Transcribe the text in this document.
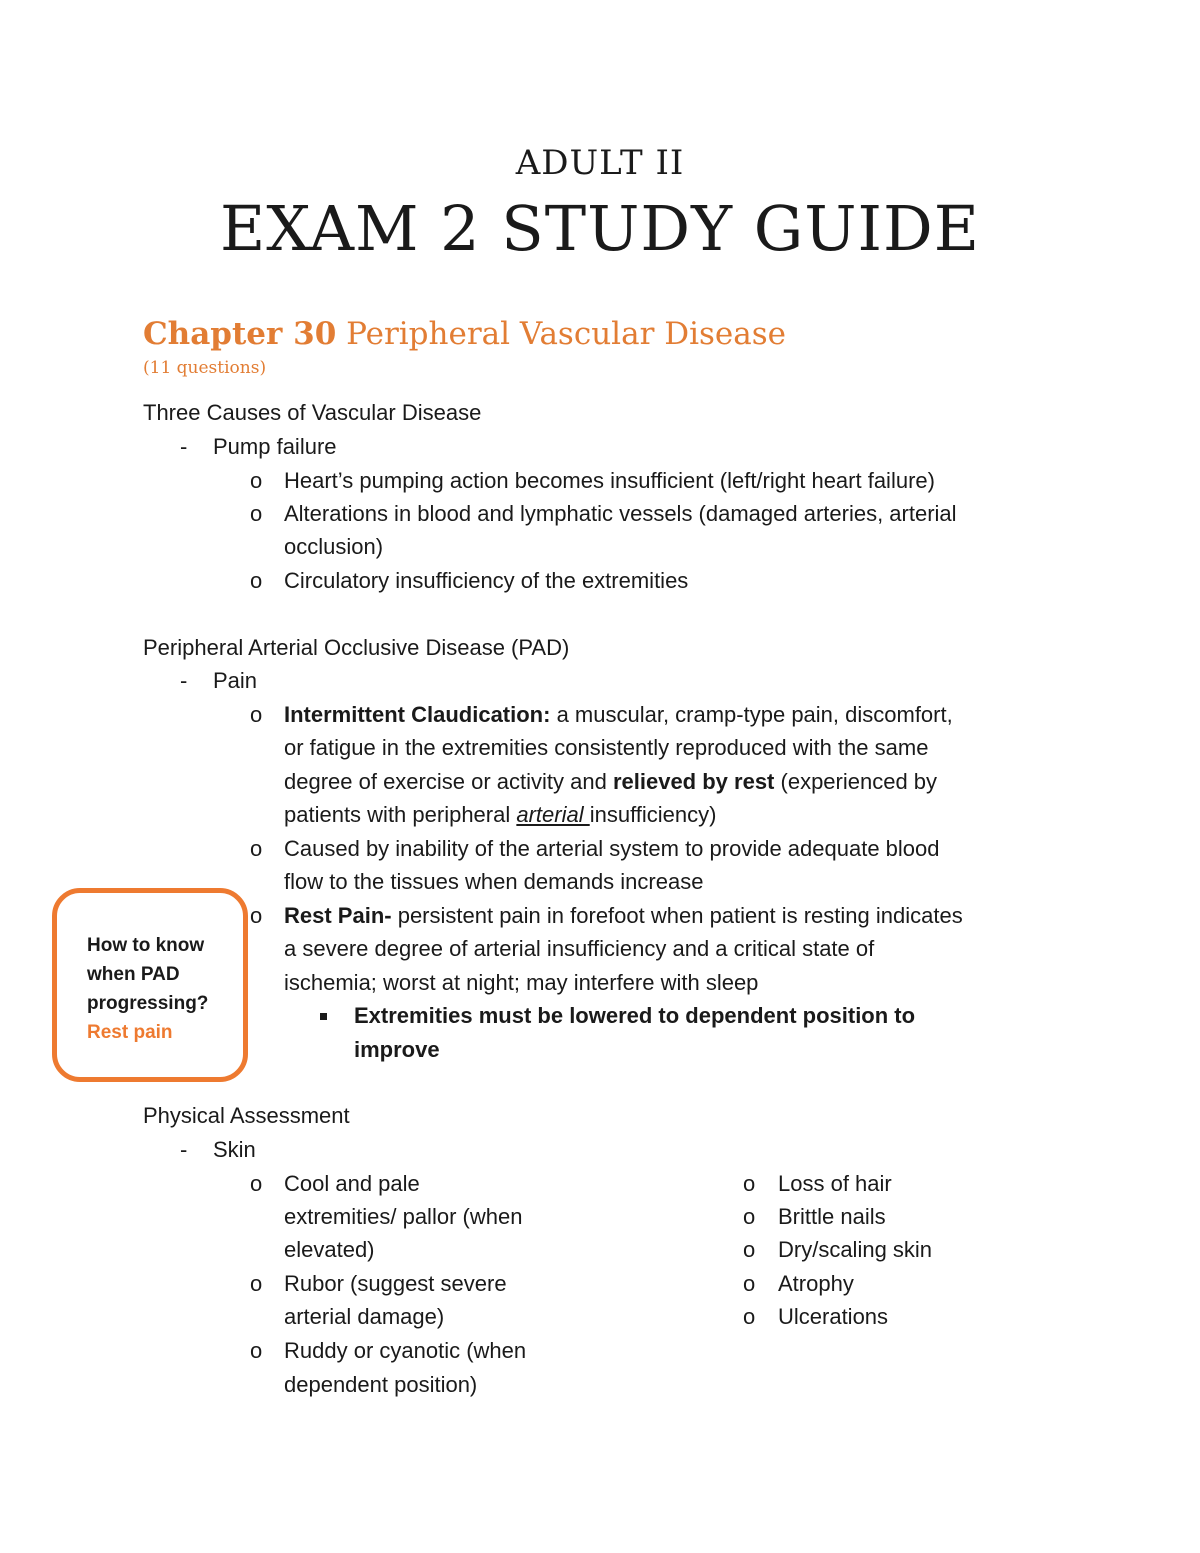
ADULT II
EXAM 2 STUDY GUIDE
Chapter 30 Peripheral Vascular Disease
(11 questions)
Three Causes of Vascular Disease
- Pump failure
o Heart’s pumping action becomes insufficient (left/right heart failure)
o Alterations in blood and lymphatic vessels (damaged arteries, arterial
occlusion)
o Circulatory insufficiency of the extremities
Peripheral Arterial Occlusive Disease (PAD)
- Pain
o Intermittent Claudication: a muscular, cramp-type pain, discomfort,
or fatigue in the extremities consistently reproduced with the same
degree of exercise or activity and relieved by rest (experienced by
patients with peripheral arterial insufficiency)
o Caused by inability of the arterial system to provide adequate blood
flow to the tissues when demands increase
o Rest Pain- persistent pain in forefoot when patient is resting indicates
a severe degree of arterial insufficiency and a critical state of
ischemia; worst at night; may interfere with sleep
Extremities must be lowered to dependent position to
improve
How to know when PAD progressing?
Rest pain
Physical Assessment
- Skin
o Cool and pale
extremities/ pallor (when
elevated)
o Rubor (suggest severe
arterial damage)
o Ruddy or cyanotic (when
dependent position)
o Loss of hair
o Brittle nails
o Dry/scaling skin
o Atrophy
o Ulcerations
